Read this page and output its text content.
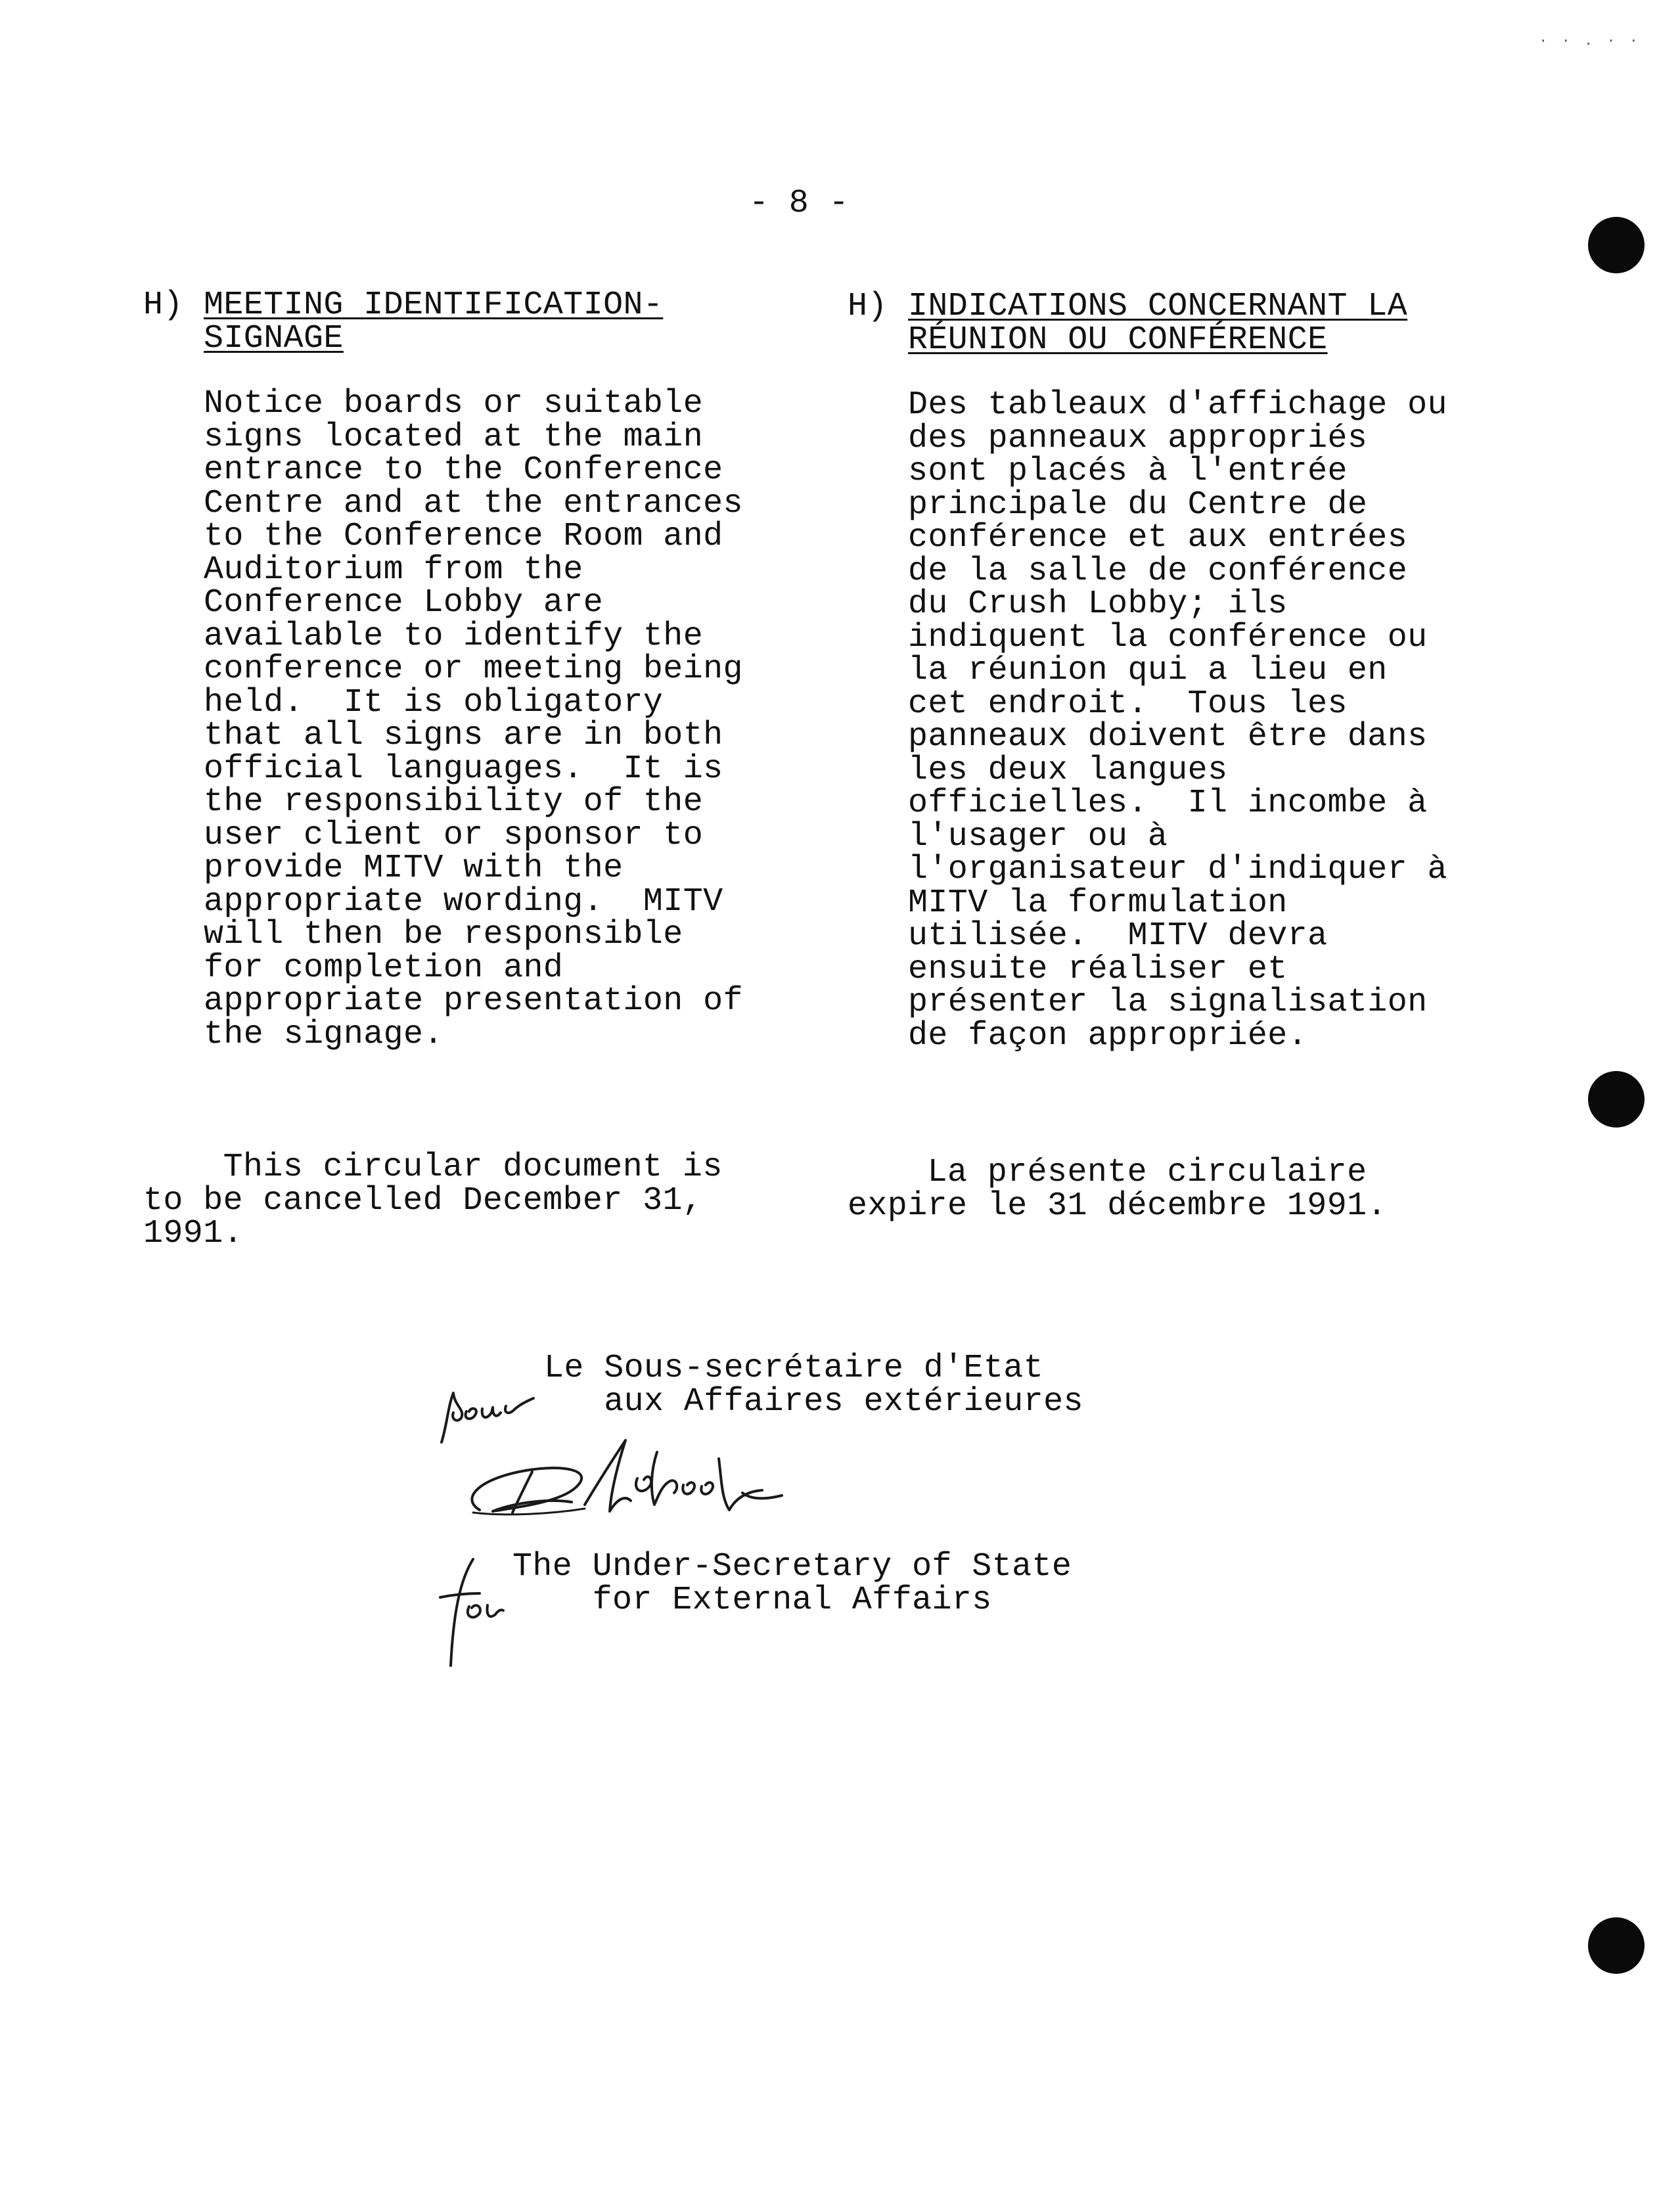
· · . · ·
- 8 -
H) MEETING IDENTIFICATION-
SIGNAGE
H) INDICATIONS CONCERNANT LA
RÉUNION OU CONFÉRENCE
Notice boards or suitable
signs located at the main
entrance to the Conference
Centre and at the entrances
to the Conference Room and
Auditorium from the
Conference Lobby are
available to identify the
conference or meeting being
held.  It is obligatory
that all signs are in both
official languages.  It is
the responsibility of the
user client or sponsor to
provide MITV with the
appropriate wording.  MITV
will then be responsible
for completion and
appropriate presentation of
the signage.
Des tableaux d'affichage ou
des panneaux appropriés
sont placés à l'entrée
principale du Centre de
conférence et aux entrées
de la salle de conférence
du Crush Lobby; ils
indiquent la conférence ou
la réunion qui a lieu en
cet endroit.  Tous les
panneaux doivent être dans
les deux langues
officielles.  Il incombe à
l'usager ou à
l'organisateur d'indiquer à
MITV la formulation
utilisée.  MITV devra
ensuite réaliser et
présenter la signalisation
de façon appropriée.
This circular document is
to be cancelled December 31,
1991.
La présente circulaire
expire le 31 décembre 1991.
Le Sous-secrétaire d'Etat
aux Affaires extérieures
The Under-Secretary of State
for External Affairs
